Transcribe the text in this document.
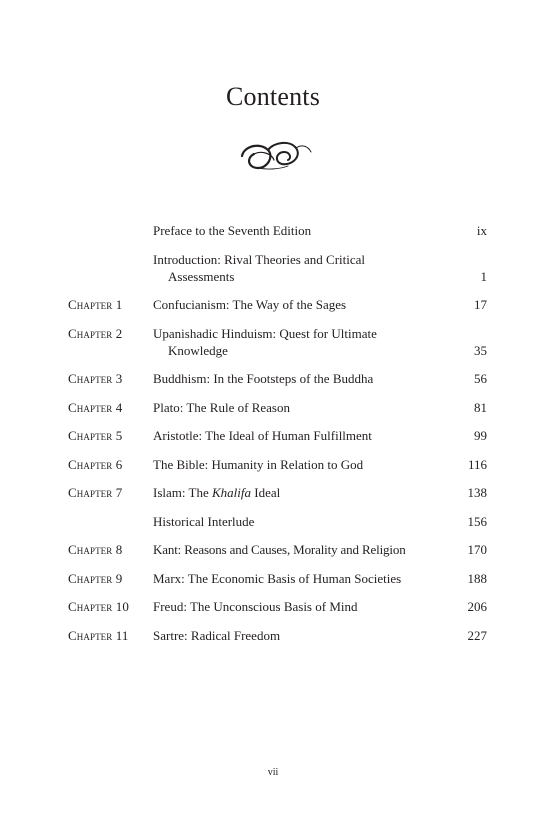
Contents
Preface to the Seventh Edition	ix
Introduction: Rival Theories and Critical
Assessments	1
Chapter 1	Confucianism: The Way of the Sages	17
Chapter 2	Upanishadic Hinduism: Quest for Ultimate
Knowledge	35
Chapter 3	Buddhism: In the Footsteps of the Buddha	56
Chapter 4	Plato: The Rule of Reason	81
Chapter 5	Aristotle: The Ideal of Human Fulfillment	99
Chapter 6	The Bible: Humanity in Relation to God	116
Chapter 7	Islam: The Khalifa Ideal	138
Historical Interlude	156
Chapter 8	Kant: Reasons and Causes, Morality and Religion	170
Chapter 9	Marx: The Economic Basis of Human Societies	188
Chapter 10	Freud: The Unconscious Basis of Mind	206
Chapter 11	Sartre: Radical Freedom	227
vii
